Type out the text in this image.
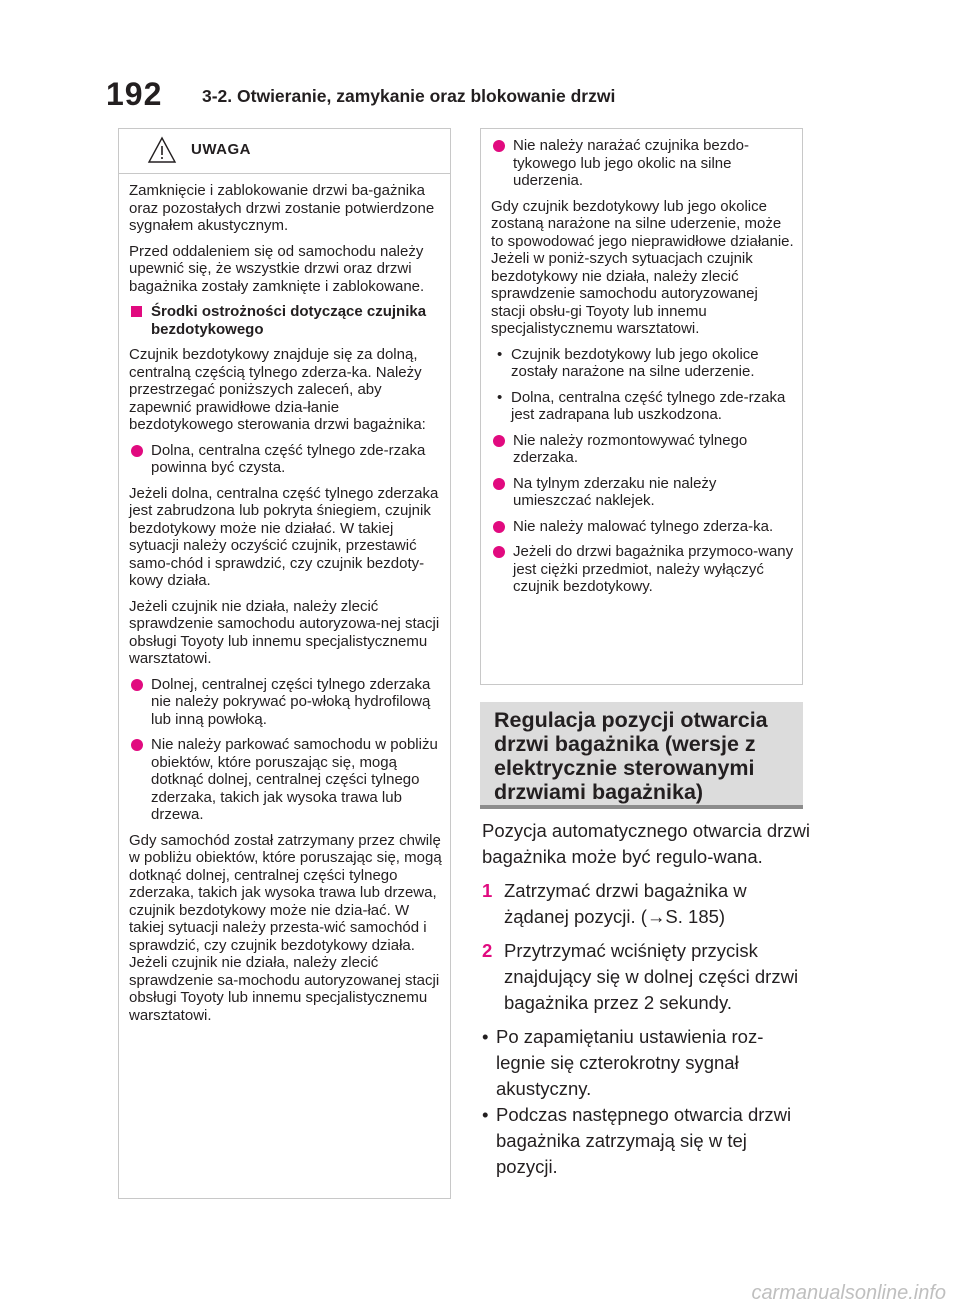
192 3-2. Otwieranie, zamykanie oraz blokowanie drzwi
UWAGA

Zamknięcie i zablokowanie drzwi ba-gażnika oraz pozostałych drzwi zostanie potwierdzone sygnałem akustycznym.

Przed oddaleniem się od samochodu należy upewnić się, że wszystkie drzwi oraz drzwi bagażnika zostały zamknięte i zablokowane.

Środki ostrożności dotyczące czujnika bezdotykowego

Czujnik bezdotykowy znajduje się za dolną, centralną częścią tylnego zderza-ka. Należy przestrzegać poniższych zaleceń, aby zapewnić prawidłowe dzia-łanie bezdotykowego sterowania drzwi bagażnika:

Dolna, centralna część tylnego zde-rzaka powinna być czysta.

Jeżeli dolna, centralna część tylnego zderzaka jest zabrudzona lub pokryta śniegiem, czujnik bezdotykowy może nie działać. W takiej sytuacji należy oczyścić czujnik, przestawić samo-chód i sprawdzić, czy czujnik bezdoty-kowy działa.

Jeżeli czujnik nie działa, należy zlecić sprawdzenie samochodu autoryzowa-nej stacji obsługi Toyoty lub innemu specjalistycznemu warsztatowi.

Dolnej, centralnej części tylnego zderzaka nie należy pokrywać po-włoką hydrofilową lub inną powłoką.
Nie należy parkować samochodu w pobliżu obiektów, które poruszając się, mogą dotknąć dolnej, centralnej części tylnego zderzaka, takich jak wysoka trawa lub drzewa.

Gdy samochód został zatrzymany przez chwilę w pobliżu obiektów, które poruszając się, mogą dotknąć dolnej, centralnej części tylnego zderzaka, takich jak wysoka trawa lub drzewa, czujnik bezdotykowy może nie dzia-łać. W takiej sytuacji należy przesta-wić samochód i sprawdzić, czy czujnik bezdotykowy działa. Jeżeli czujnik nie działa, należy zlecić sprawdzenie sa-mochodu autoryzowanej stacji obsługi Toyoty lub innemu specjalistycznemu warsztatowi.

Nie należy narażać czujnika bezdo-tykowego lub jego okolic na silne uderzenia.

Gdy czujnik bezdotykowy lub jego okolice zostaną narażone na silne uderzenie, może to spowodować jego nieprawidłowe działanie. Jeżeli w poniż-szych sytuacjach czujnik bezdotykowy nie działa, należy zlecić sprawdzenie samochodu autoryzowanej stacji obsłu-gi Toyoty lub innemu specjalistycznemu warsztatowi.

• Czujnik bezdotykowy lub jego okolice zostały narażone na silne uderzenie.
• Dolna, centralna część tylnego zde-rzaka jest zadrapana lub uszkodzona.
Nie należy rozmontowywać tylnego zderzaka.
Na tylnym zderzaku nie należy umieszczać naklejek.
Nie należy malować tylnego zderza-ka.
Jeżeli do drzwi bagażnika przymoco-wany jest ciężki przedmiot, należy wyłączyć czujnik bezdotykowy.
Regulacja pozycji otwarcia drzwi bagażnika (wersje z elektrycznie sterowanymi drzwiami bagażnika)

Pozycja automatycznego otwarcia drzwi bagażnika może być regulo-wana.

1 Zatrzymać drzwi bagażnika w żądanej pozycji. (→S. 185)
2 Przytrzymać wciśnięty przycisk znajdujący się w dolnej części drzwi bagażnika przez 2 sekundy.
• Po zapamiętaniu ustawienia roz-legnie się czterokrotny sygnał akustyczny.
• Podczas następnego otwarcia drzwi bagażnika zatrzymają się w tej pozycji.
carmanualsonline.info
